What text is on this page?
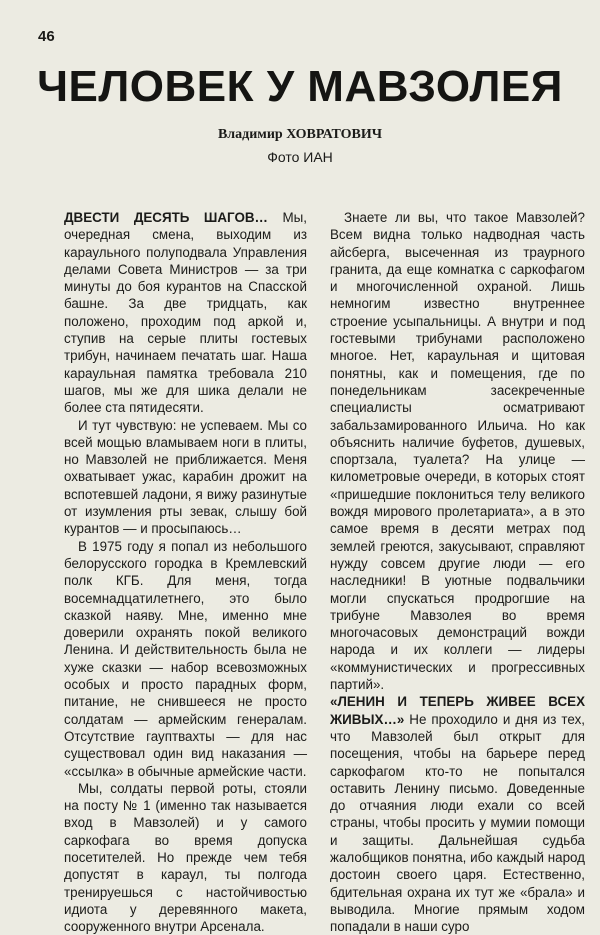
46
ЧЕЛОВЕК У МАВЗОЛЕЯ
Владимир ХОВРАТОВИЧ
Фото ИАН

ДВЕСТИ ДЕСЯТЬ ШАГОВ… Мы, очередная смена, выходим из караульного полуподвала Управления делами Совета Министров — за три минуты до боя курантов на Спасской башне. За две тридцать, как положено, проходим под аркой и, ступив на серые плиты гостевых трибун, начинаем печатать шаг. Наша караульная памятка требовала 210 шагов, мы же для шика делали не более ста пятидесяти.

И тут чувствую: не успеваем. Мы со всей мощью вламываем ноги в плиты, но Мавзолей не приближается. Меня охватывает ужас, карабин дрожит на вспотевшей ладони, я вижу разинутые от изумления рты зевак, слышу бой курантов — и просыпаюсь…

В 1975 году я попал из небольшого белорусского городка в Кремлевский полк КГБ. Для меня, тогда восемнадцатилетнего, это было сказкой наяву. Мне, именно мне доверили охранять покой великого Ленина. И действительность была не хуже сказки — набор всевозможных особых и просто парадных форм, питание, не снившееся не просто солдатам — армейским генералам. Отсутствие гауптвахты — для нас существовал один вид наказания — «ссылка» в обычные армейские части.

Мы, солдаты первой роты, стояли на посту № 1 (именно так называется вход в Мавзолей) и у самого саркофага во время допуска посетителей. Но прежде чем тебя допустят в караул, ты полгода тренируешься с настойчивостью идиота у деревянного макета, сооруженного внутри Арсенала.

Знаете ли вы, что такое Мавзолей? Всем видна только надводная часть айсберга, высеченная из траурного гранита, да еще комнатка с саркофагом и многочисленной охраной. Лишь немногим известно внутреннее строение усыпальницы. А внутри и под гостевыми трибунами расположено многое. Нет, караульная и щитовая понятны, как и помещения, где по понедельникам засекреченные специалисты осматривают забальзамированного Ильича. Но как объяснить наличие буфетов, душевых, спортзала, туалета? На улице — километровые очереди, в которых стоят «пришедшие поклониться телу великого вождя мирового пролетариата», а в это самое время в десяти метрах под землей греются, закусывают, справляют нужду совсем другие люди — его наследники! В уютные подвальчики могли спускаться продрогшие на трибуне Мавзолея во время многочасовых демонстраций вожди народа и их коллеги — лидеры «коммунистических и прогрессивных партий».

«ЛЕНИН И ТЕПЕРЬ ЖИВЕЕ ВСЕХ ЖИВЫХ…» Не проходило и дня из тех, что Мавзолей был открыт для посещения, чтобы на барьере перед саркофагом кто-то не попытался оставить Ленину письмо. Доведенные до отчаяния люди ехали со всей страны, чтобы просить у мумии помощи и защиты. Дальнейшая судьба жалобщиков понятна, ибо каждый народ достоин своего царя. Естественно, бдительная охрана их тут же «брала» и выводила. Многие прямым ходом попадали в наши суро
